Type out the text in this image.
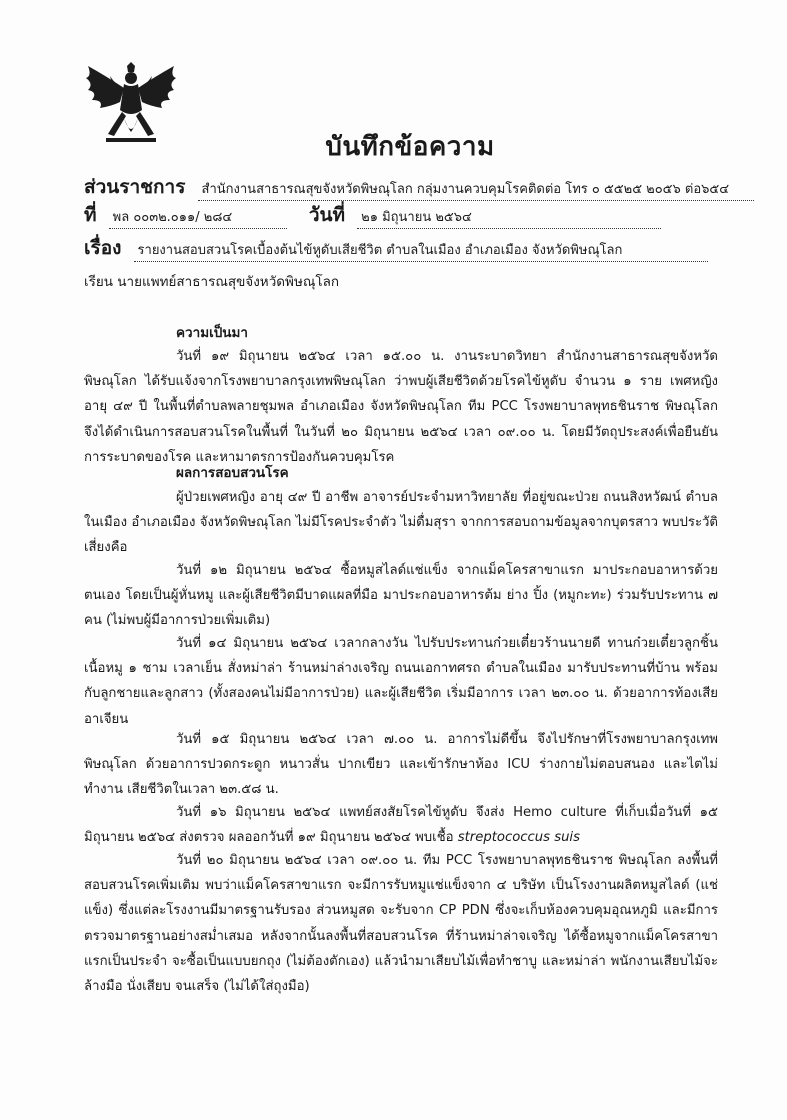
บันทึกข้อความ
ส่วนราชการ สำนักงานสาธารณสุขจังหวัดพิษณุโลก กลุ่มงานควบคุมโรคติดต่อ โทร ๐ ๕๕๒๕ ๒๐๕๖ ต่อ๖๕๔
ที่ พล ๐๐๓๒.๐๑๑/ ๒๘๔	วันที่ ๒๑ มิถุนายน ๒๕๖๔
เรื่อง รายงานสอบสวนโรคเบื้องต้นไข้หูดับเสียชีวิต ตำบลในเมือง อำเภอเมือง จังหวัดพิษณุโลก
เรียน นายแพทย์สาธารณสุขจังหวัดพิษณุโลก
ความเป็นมา

วันที่ ๑๙ มิถุนายน ๒๕๖๔ เวลา ๑๕.๐๐ น. งานระบาดวิทยา สำนักงานสาธารณสุขจังหวัดพิษณุโลก ได้รับแจ้งจากโรงพยาบาลกรุงเทพพิษณุโลก ว่าพบผู้เสียชีวิตด้วยโรคไข้หูดับ จำนวน ๑ ราย เพศหญิง อายุ ๔๙ ปี ในพื้นที่ตำบลพลายชุมพล อำเภอเมือง จังหวัดพิษณุโลก ทีม PCC โรงพยาบาลพุทธชินราช พิษณุโลก จึงได้ดำเนินการสอบสวนโรคในพื้นที่ ในวันที่ ๒๐ มิถุนายน ๒๕๖๔ เวลา ๐๙.๐๐ น. โดยมีวัตถุประสงค์เพื่อยืนยันการระบาดของโรค และหามาตรการป้องกันควบคุมโรค

ผลการสอบสวนโรค

ผู้ป่วยเพศหญิง อายุ ๔๙ ปี อาชีพ อาจารย์ประจำมหาวิทยาลัย ที่อยู่ขณะป่วย ถนนสิงหวัฒน์ ตำบลในเมือง อำเภอเมือง จังหวัดพิษณุโลก ไม่มีโรคประจำตัว ไม่ดื่มสุรา จากการสอบถามข้อมูลจากบุตรสาว พบประวัติเสี่ยงคือ

วันที่ ๑๒ มิถุนายน ๒๕๖๔ ซื้อหมูสไลด์แช่แข็ง จากแม็คโครสาขาแรก มาประกอบอาหารด้วยตนเอง โดยเป็นผู้หั่นหมู และผู้เสียชีวิตมีบาดแผลที่มือ มาประกอบอาหารต้ม ย่าง ปิ้ง (หมูกะทะ) ร่วมรับประทาน ๗ คน (ไม่พบผู้มีอาการป่วยเพิ่มเติม)

วันที่ ๑๔ มิถุนายน ๒๕๖๔ เวลากลางวัน ไปรับประทานก๋วยเตี๋ยวร้านนายดี ทานก๋วยเตี๋ยวลูกชิ้นเนื้อหมู ๑ ชาม เวลาเย็น สั่งหม่าล่า ร้านหม่าล่างเจริญ ถนนเอกาทศรถ ตำบลในเมือง มารับประทานที่บ้าน พร้อมกับลูกชายและลูกสาว (ทั้งสองคนไม่มีอาการป่วย) และผู้เสียชีวิต เริ่มมีอาการ เวลา ๒๓.๐๐ น. ด้วยอาการท้องเสีย อาเจียน

วันที่ ๑๕ มิถุนายน ๒๕๖๔ เวลา ๗.๐๐ น. อาการไม่ดีขึ้น จึงไปรักษาที่โรงพยาบาลกรุงเทพพิษณุโลก ด้วยอาการปวดกระดูก หนาวสั่น ปากเขียว และเข้ารักษาห้อง ICU ร่างกายไม่ตอบสนอง และไตไม่ทำงาน เสียชีวิตในเวลา ๒๓.๕๘ น.

วันที่ ๑๖ มิถุนายน ๒๕๖๔ แพทย์สงสัยโรคไข้หูดับ จึงส่ง Hemo culture ที่เก็บเมื่อวันที่ ๑๕ มิถุนายน ๒๕๖๔ ส่งตรวจ ผลออกวันที่ ๑๙ มิถุนายน ๒๕๖๔ พบเชื้อ streptococcus suis

วันที่ ๒๐ มิถุนายน ๒๕๖๔ เวลา ๐๙.๐๐ น. ทีม PCC โรงพยาบาลพุทธชินราช พิษณุโลก ลงพื้นที่สอบสวนโรคเพิ่มเติม พบว่าแม็คโครสาขาแรก จะมีการรับหมูแช่แข็งจาก ๔ บริษัท เป็นโรงงานผลิตหมูสไลด์ (แช่แข็ง) ซึ่งแต่ละโรงงานมีมาตรฐานรับรอง ส่วนหมูสด จะรับจาก CP PDN ซึ่งจะเก็บห้องควบคุมอุณหภูมิ และมีการตรวจมาตรฐานอย่างสม่ำเสมอ หลังจากนั้นลงพื้นที่สอบสวนโรค ที่ร้านหม่าล่าจเจริญ ได้ซื้อหมูจากแม็คโครสาขาแรกเป็นประจำ จะซื้อเป็นแบบยกถุง (ไม่ต้องตักเอง) แล้วนำมาเสียบไม้เพื่อทำชาบู และหม่าล่า พนักงานเสียบไม้จะล้างมือ นั่งเสียบ จนเสร็จ (ไม่ได้ใส่ถุงมือ)
